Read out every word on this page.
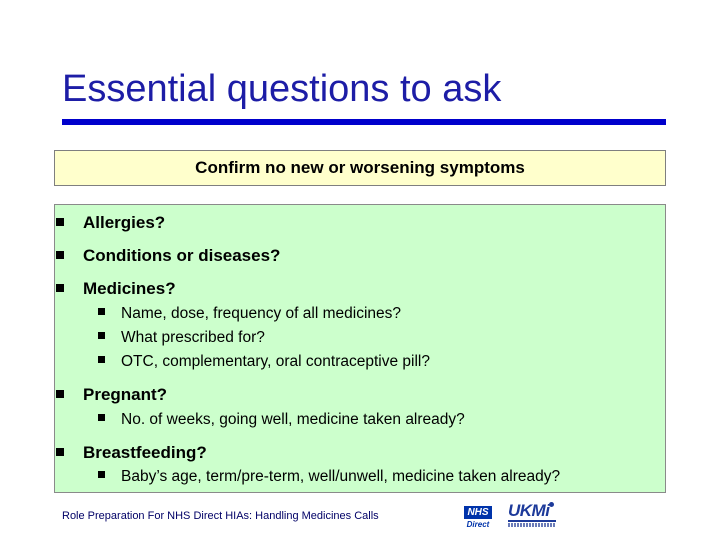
Essential questions to ask
Confirm no new or worsening symptoms
Allergies?
Conditions or diseases?
Medicines?
Name, dose, frequency of all medicines?
What prescribed for?
OTC, complementary, oral contraceptive pill?
Pregnant?
No. of weeks, going well, medicine taken already?
Breastfeeding?
Baby’s age, term/pre-term, well/unwell, medicine taken already?
Role Preparation For NHS Direct HIAs: Handling Medicines Calls	NHS
Direct
UKMi
